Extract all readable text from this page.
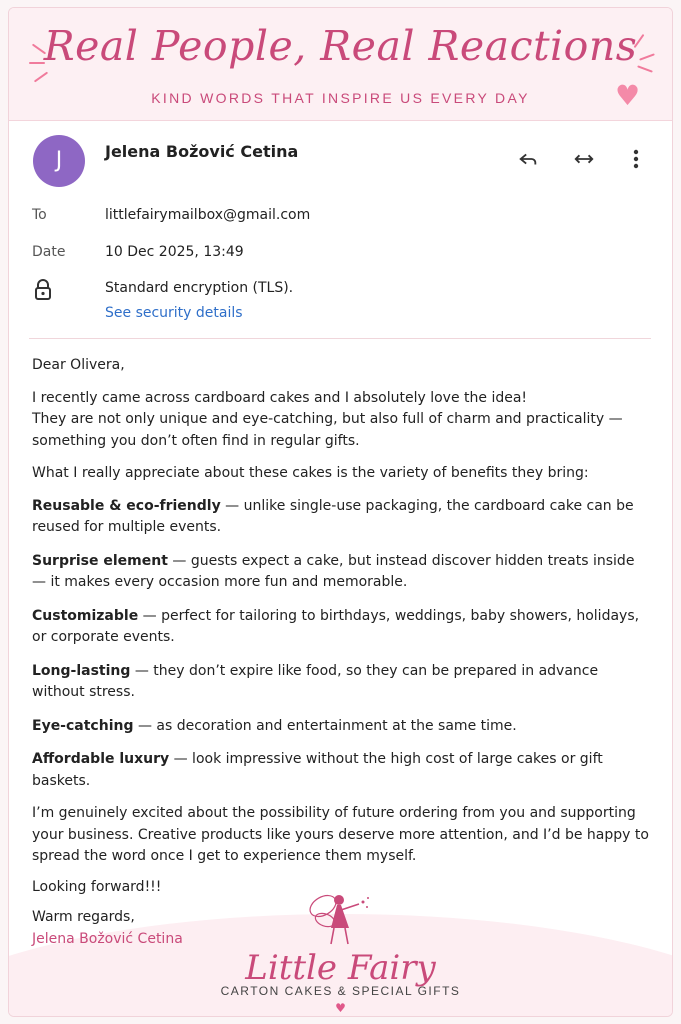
♥
Real People, Real Reactions
KIND WORDS THAT INSPIRE US EVERY DAY
J	Jelena Božović Cetina
To	littlefairymailbox@gmail.com
Date	10 Dec 2025, 13:49
Standard encryption (TLS).
See security details

Dear Olivera,

I recently came across cardboard cakes and I absolutely love the idea!

They are not only unique and eye-catching, but also full of charm and practicality — something you don’t often find in regular gifts.

What I really appreciate about these cakes is the variety of benefits they bring:

Reusable & eco-friendly — unlike single-use packaging, the cardboard cake can be reused for multiple events.

Surprise element — guests expect a cake, but instead discover hidden treats inside — it makes every occasion more fun and memorable.

Customizable — perfect for tailoring to birthdays, weddings, baby showers, holidays, or corporate events.

Long-lasting — they don’t expire like food, so they can be prepared in advance without stress.

Eye-catching — as decoration and entertainment at the same time.

Affordable luxury — look impressive without the high cost of large cakes or gift baskets.

I’m genuinely excited about the possibility of future ordering from you and supporting your business. Creative products like yours deserve more attention, and I’d be happy to spread the word once I get to experience them myself.

Looking forward!!!

Warm regards,

Jelena Božović Cetina

Little Fairy
CARTON CAKES & SPECIAL GIFTS
♥
